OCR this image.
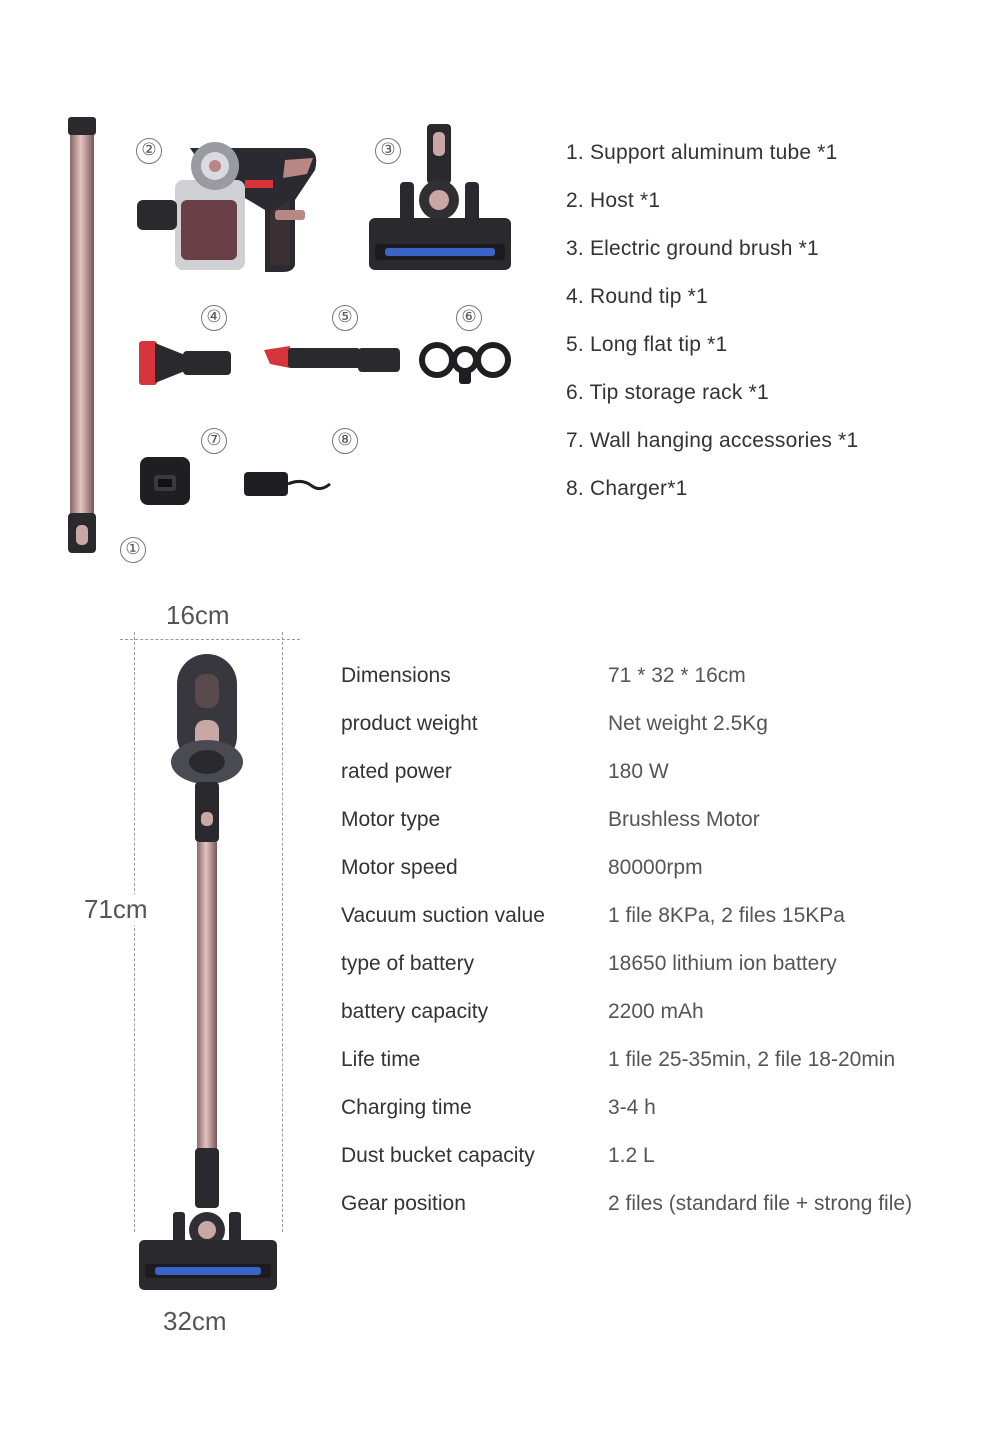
①
②	③
④	⑤	⑥
⑦	⑧
1. Support aluminum tube *1
2. Host *1
3. Electric ground brush *1
4. Round tip *1
5. Long flat tip *1
6. Tip storage rack *1
7. Wall hanging accessories *1
8. Charger*1
16cm
71cm
32cm
Dimensions	71 * 32 * 16cm
product weight	Net weight 2.5Kg
rated power	180 W
Motor type	Brushless Motor
Motor speed	80000rpm
Vacuum suction value	1 file 8KPa, 2 files 15KPa
type of battery	18650 lithium ion battery
battery capacity	2200 mAh
Life time	1 file 25-35min, 2 file 18-20min
Charging time	3-4 h
Dust bucket capacity	1.2 L
Gear position	2 files (standard file + strong file)
